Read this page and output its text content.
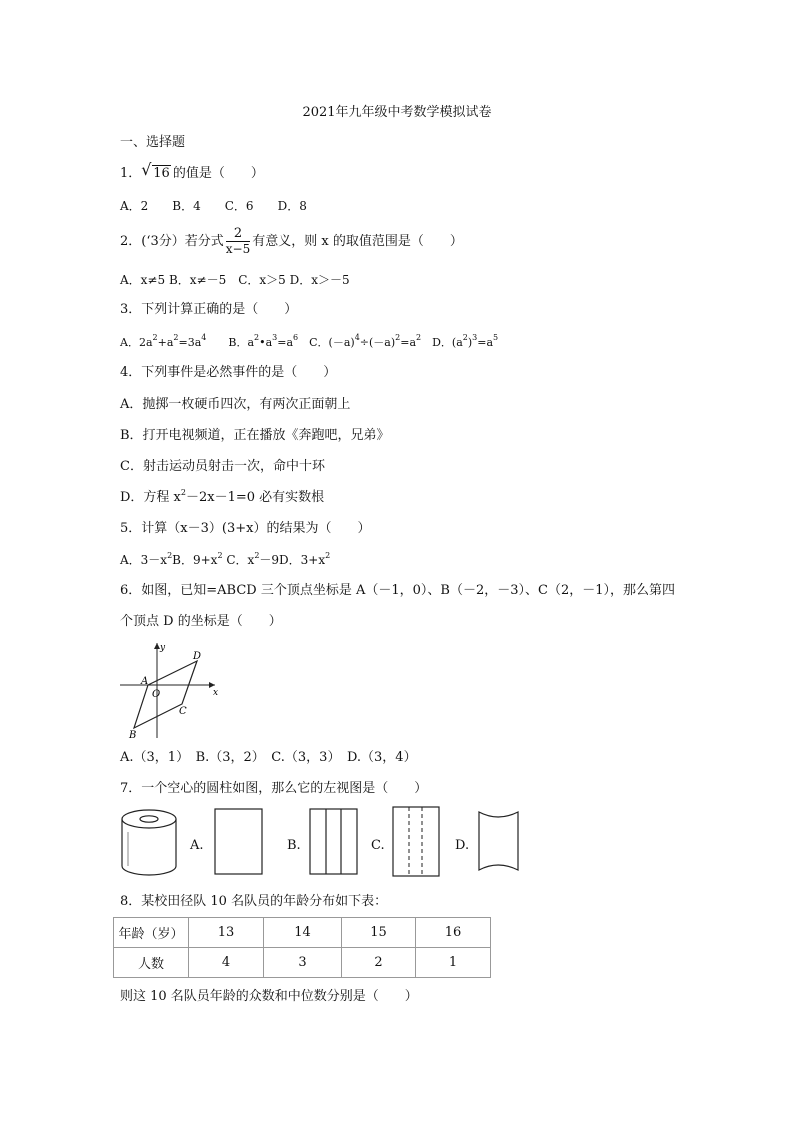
2021年九年级中考数学模拟试卷
一、选择题
1． √ 16 的值是（　　）
A．2　　B．4　　C．6　　D．8
2．(‘3分）若分式 $\frac{2}{x-5}$ 有意义，则 x 的取值范围是（　　）
A．x≠5 B．x≠－5　C．x＞5 D．x＞－5
3．下列计算正确的是（　　）
A．$2a^2+a^2=3a^4$　　B．$a^2•a^3=a^6$　C．$(-a)^4\div(-a)^2=a^2$　D．$(a^2)^3=a^5$
4．下列事件是必然事件的是（　　）
A．抛掷一枚硬币四次，有两次正面朝上
B．打开电视频道，正在播放《奔跑吧，兄弟》
C．射击运动员射击一次，命中十环
D．方程 $x^2-2x-1=0$ 必有实数根
5．计算（x－3）(3+x）的结果为（　　）
A．$3-x^2B$．$9+x^2$ C．$x^2-9D$．$3+x^2$
6．如图，已知=ABCD 三个顶点坐标是 A（－1，0）、B（－2，－3）、C（2，－1），那么第四
个顶点 D 的坐标是（　　）
y
x
O
A
B
C
D
A.（3，1）　B.（3，2）　C.（3，3）　D.（3，4）
7．一个空心的圆柱如图，那么它的左视图是（　　）
A.	B.	C.	D.
8．某校田径队 10 名队员的年龄分布如下表：
年龄（岁）	13	14	15	16
人数	4	3	2	1
则这 10 名队员年龄的众数和中位数分别是（　　）
